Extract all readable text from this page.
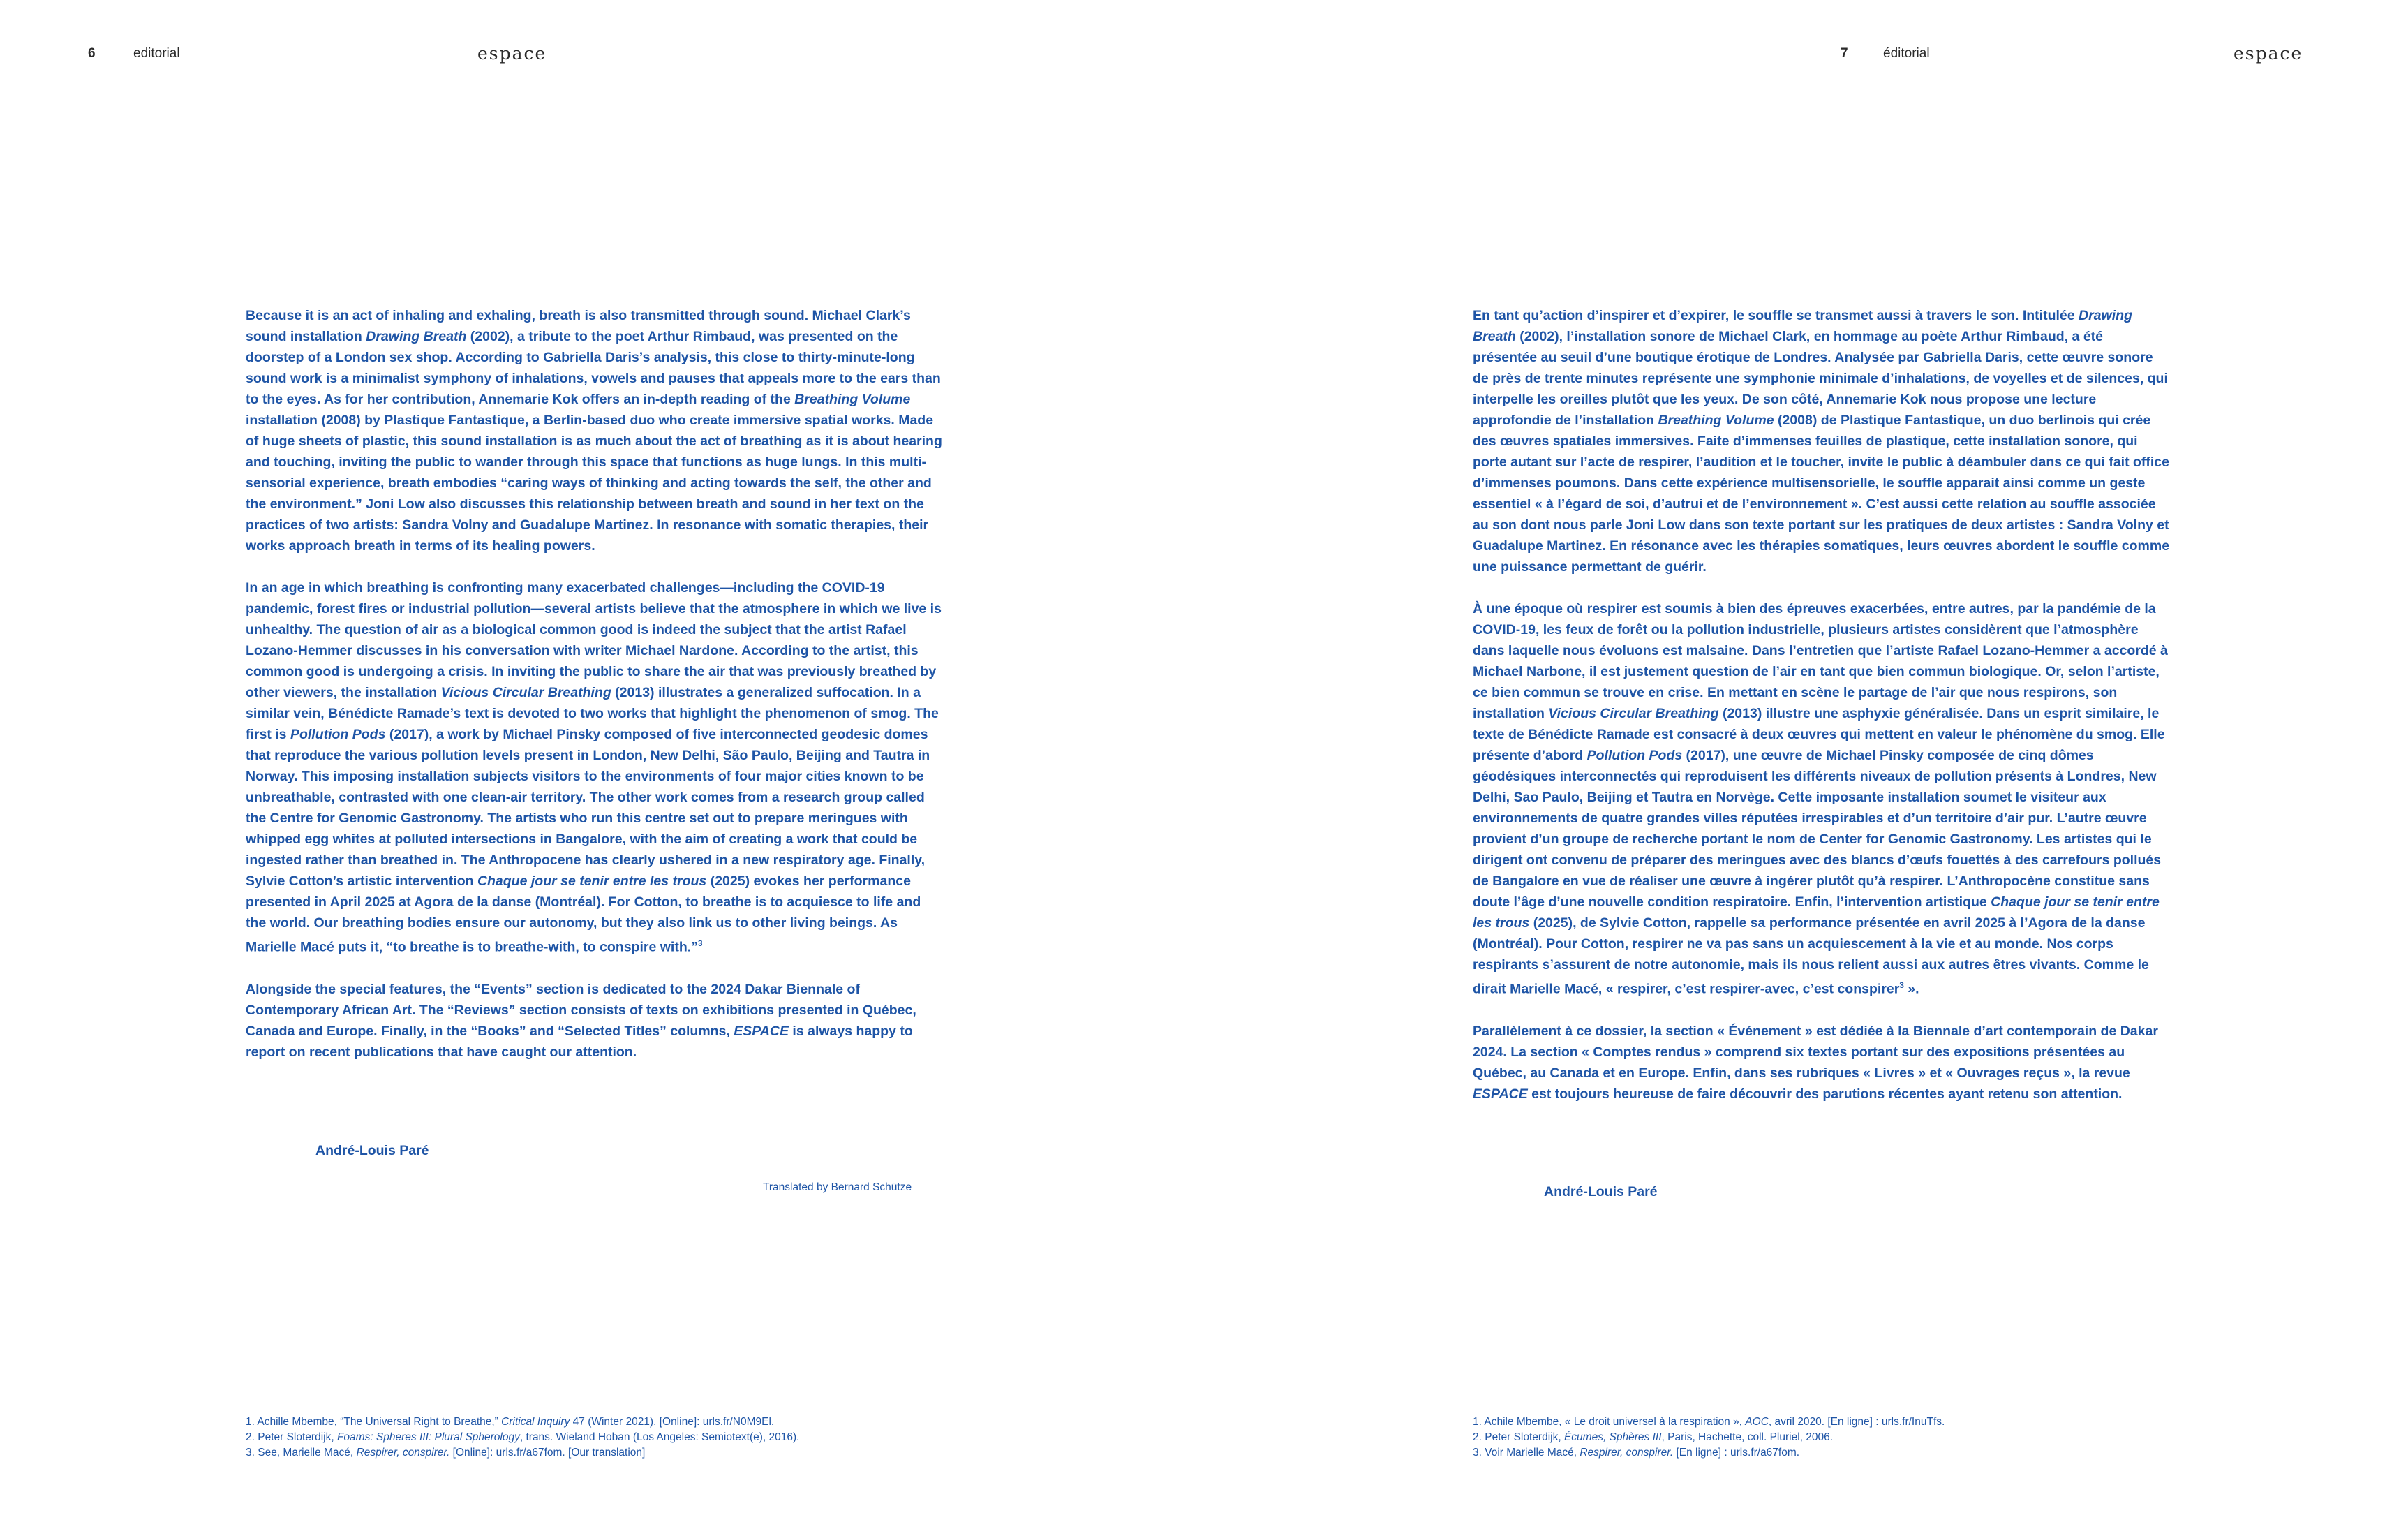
6	editorial	espace

Because it is an act of inhaling and exhaling, breath is also transmitted through sound. Michael Clark’s sound installation Drawing Breath (2002), a tribute to the poet Arthur Rimbaud, was presented on the doorstep of a London sex shop. According to Gabriella Daris’s analysis, this close to thirty-minute-long sound work is a minimalist symphony of inhalations, vowels and pauses that appeals more to the ears than to the eyes. As for her contribution, Annemarie Kok offers an in-depth reading of the Breathing Volume installation (2008) by Plastique Fantastique, a Berlin-based duo who create immersive spatial works. Made of huge sheets of plastic, this sound installation is as much about the act of breathing as it is about hearing and touching, inviting the public to wander through this space that functions as huge lungs. In this multi-sensorial experience, breath embodies “caring ways of thinking and acting towards the self, the other and the environment.” Joni Low also discusses this relationship between breath and sound in her text on the practices of two artists: Sandra Volny and Guadalupe Martinez. In resonance with somatic therapies, their works approach breath in terms of its healing powers.

In an age in which breathing is confronting many exacerbated challenges—including the COVID-19 pandemic, forest fires or industrial pollution—several artists believe that the atmosphere in which we live is unhealthy. The question of air as a biological common good is indeed the subject that the artist Rafael Lozano-Hemmer discusses in his conversation with writer Michael Nardone. According to the artist, this common good is undergoing a crisis. In inviting the public to share the air that was previously breathed by other viewers, the installation Vicious Circular Breathing (2013) illustrates a generalized suffocation. In a similar vein, Bénédicte Ramade’s text is devoted to two works that highlight the phenomenon of smog. The first is Pollution Pods (2017), a work by Michael Pinsky composed of five interconnected geodesic domes that reproduce the various pollution levels present in London, New Delhi, São Paulo, Beijing and Tautra in Norway. This imposing installation subjects visitors to the environments of four major cities known to be unbreathable, contrasted with one clean-air territory. The other work comes from a research group called the Centre for Genomic Gastronomy. The artists who run this centre set out to prepare meringues with whipped egg whites at polluted intersections in Bangalore, with the aim of creating a work that could be ingested rather than breathed in. The Anthropocene has clearly ushered in a new respiratory age. Finally, Sylvie Cotton’s artistic intervention Chaque jour se tenir entre les trous (2025) evokes her performance presented in April 2025 at Agora de la danse (Montréal). For Cotton, to breathe is to acquiesce to life and the world. Our breathing bodies ensure our autonomy, but they also link us to other living beings. As Marielle Macé puts it, “to breathe is to breathe-with, to conspire with.”$^3$

Alongside the special features, the “Events” section is dedicated to the 2024 Dakar Biennale of Contemporary African Art. The “Reviews” section consists of texts on exhibitions presented in Québec, Canada and Europe. Finally, in the “Books” and “Selected Titles” columns, ESPACE is always happy to report on recent publications that have caught our attention.

André-Louis Paré
Translated by Bernard Schütze
1. Achille Mbembe, “The Universal Right to Breathe,” Critical Inquiry 47 (Winter 2021). [Online]: urls.fr/N0M9El.
2. Peter Sloterdijk, Foams: Spheres III: Plural Spherology, trans. Wieland Hoban (Los Angeles: Semiotext(e), 2016).
3. See, Marielle Macé, Respirer, conspirer. [Online]: urls.fr/a67fom. [Our translation]
7	éditorial	espace

En tant qu’action d’inspirer et d’expirer, le souffle se transmet aussi à travers le son. Intitulée Drawing Breath (2002), l’installation sonore de Michael Clark, en hommage au poète Arthur Rimbaud, a été présentée au seuil d’une boutique érotique de Londres. Analysée par Gabriella Daris, cette œuvre sonore de près de trente minutes représente une symphonie minimale d’inhalations, de voyelles et de silences, qui interpelle les oreilles plutôt que les yeux. De son côté, Annemarie Kok nous propose une lecture approfondie de l’installation Breathing Volume (2008) de Plastique Fantastique, un duo berlinois qui crée des œuvres spatiales immersives. Faite d’immenses feuilles de plastique, cette installation sonore, qui porte autant sur l’acte de respirer, l’audition et le toucher, invite le public à déambuler dans ce qui fait office d’immenses poumons. Dans cette expérience multisensorielle, le souffle apparait ainsi comme un geste essentiel « à l’égard de soi, d’autrui et de l’environnement ». C’est aussi cette relation au souffle associée au son dont nous parle Joni Low dans son texte portant sur les pratiques de deux artistes : Sandra Volny et Guadalupe Martinez. En résonance avec les thérapies somatiques, leurs œuvres abordent le souffle comme une puissance permettant de guérir.

À une époque où respirer est soumis à bien des épreuves exacerbées, entre autres, par la pandémie de la COVID-19, les feux de forêt ou la pollution industrielle, plusieurs artistes considèrent que l’atmosphère dans laquelle nous évoluons est malsaine. Dans l’entretien que l’artiste Rafael Lozano-Hemmer a accordé à Michael Narbone, il est justement question de l’air en tant que bien commun biologique. Or, selon l’artiste, ce bien commun se trouve en crise. En mettant en scène le partage de l’air que nous respirons, son installation Vicious Circular Breathing (2013) illustre une asphyxie généralisée. Dans un esprit similaire, le texte de Bénédicte Ramade est consacré à deux œuvres qui mettent en valeur le phénomène du smog. Elle présente d’abord Pollution Pods (2017), une œuvre de Michael Pinsky composée de cinq dômes géodésiques interconnectés qui reproduisent les différents niveaux de pollution présents à Londres, New Delhi, Sao Paulo, Beijing et Tautra en Norvège. Cette imposante installation soumet le visiteur aux environnements de quatre grandes villes réputées irrespirables et d’un territoire d’air pur. L’autre œuvre provient d’un groupe de recherche portant le nom de Center for Genomic Gastronomy. Les artistes qui le dirigent ont convenu de préparer des meringues avec des blancs d’œufs fouettés à des carrefours pollués de Bangalore en vue de réaliser une œuvre à ingérer plutôt qu’à respirer. L’Anthropocène constitue sans doute l’âge d’une nouvelle condition respiratoire. Enfin, l’intervention artistique Chaque jour se tenir entre les trous (2025), de Sylvie Cotton, rappelle sa performance présentée en avril 2025 à l’Agora de la danse (Montréal). Pour Cotton, respirer ne va pas sans un acquiescement à la vie et au monde. Nos corps respirants s’assurent de notre autonomie, mais ils nous relient aussi aux autres êtres vivants. Comme le dirait Marielle Macé, « respirer, c’est respirer-avec, c’est conspirer$^3$ ».

Parallèlement à ce dossier, la section « Événement » est dédiée à la Biennale d’art contemporain de Dakar 2024. La section « Comptes rendus » comprend six textes portant sur des expositions présentées au Québec, au Canada et en Europe. Enfin, dans ses rubriques « Livres » et « Ouvrages reçus », la revue ESPACE est toujours heureuse de faire découvrir des parutions récentes ayant retenu son attention.

André-Louis Paré
1. Achile Mbembe, « Le droit universel à la respiration », AOC, avril 2020. [En ligne] : urls.fr/InuTfs.
2. Peter Sloterdijk, Écumes, Sphères III, Paris, Hachette, coll. Pluriel, 2006.
3. Voir Marielle Macé, Respirer, conspirer. [En ligne] : urls.fr/a67fom.
